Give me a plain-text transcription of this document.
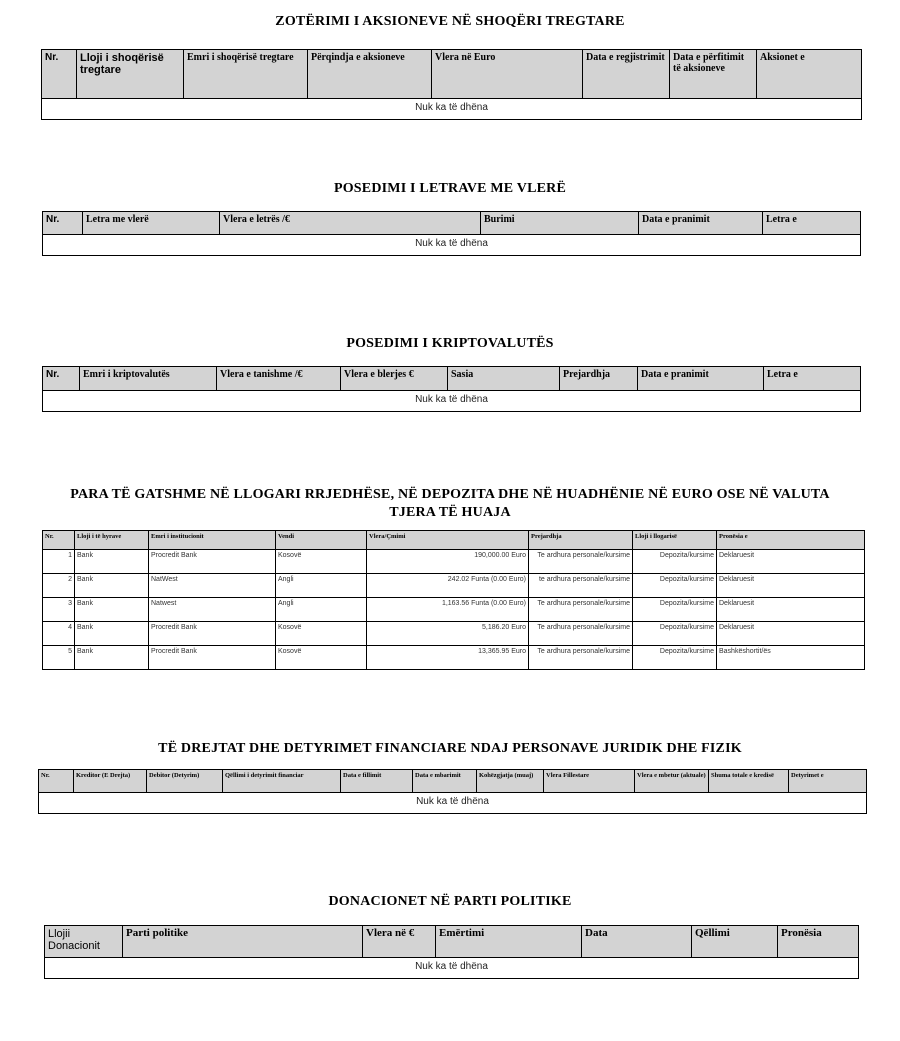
ZOTËRIMI I AKSIONEVE NË SHOQËRI TREGTARE
Nr.	Lloji i shoqërisë tregtare	Emri i shoqërisë tregtare	Përqindja e aksioneve	Vlera në Euro	Data e regjistrimit	Data e përfitimit të aksioneve	Aksionet e
Nuk ka të dhëna
POSEDIMI I LETRAVE ME VLERË
Nr.	Letra me vlerë	Vlera e letrës /€	Burimi	Data e pranimit	Letra e
Nuk ka të dhëna
POSEDIMI I KRIPTOVALUTËS
Nr.	Emri i kriptovalutës	Vlera e tanishme /€	Vlera e blerjes €	Sasia	Prejardhja	Data e pranimit	Letra e
Nuk ka të dhëna
PARA TË GATSHME NË LLOGARI RRJEDHËSE, NË DEPOZITA DHE NË HUADHËNIE NË EURO OSE NË VALUTA TJERA TË HUAJA
Nr.	Lloji i të hyrave	Emri i institucionit	Vendi	Vlera/Çmimi	Prejardhja	Lloji i llogarisë	Pronësia e
1	Bank	Procredit Bank	Kosovë	190,000.00 Euro	Te ardhura personale/kursime	Depozita/kursime	Deklaruesit
2	Bank	NatWest	Angli	242.02 Funta (0.00 Euro)	te ardhura personale/kursime	Depozita/kursime	Deklaruesit
3	Bank	Natwest	Angli	1,163.56 Funta (0.00 Euro)	Te ardhura personale/kursime	Depozita/kursime	Deklaruesit
4	Bank	Procredit Bank	Kosovë	5,186.20 Euro	Te ardhura personale/kursime	Depozita/kursime	Deklaruesit
5	Bank	Procredit Bank	Kosovë	13,365.95 Euro	Te ardhura personale/kursime	Depozita/kursime	Bashkëshortit/ës
TË DREJTAT DHE DETYRIMET FINANCIARE NDAJ PERSONAVE JURIDIK DHE FIZIK
Nr.	Kreditor (E Drejta)	Debitor (Detyrim)	Qëllimi i detyrimit financiar	Data e fillimit	Data e mbarimit	Kohëzgjatja (muaj)	Vlera Fillestare	Vlera e mbetur (aktuale)	Shuma totale e kredisë	Detyrimet e
Nuk ka të dhëna
DONACIONET NË PARTI POLITIKE
Llojii Donacionit	Parti politike	Vlera në €	Emërtimi	Data	Qëllimi	Pronësia
Nuk ka të dhëna
